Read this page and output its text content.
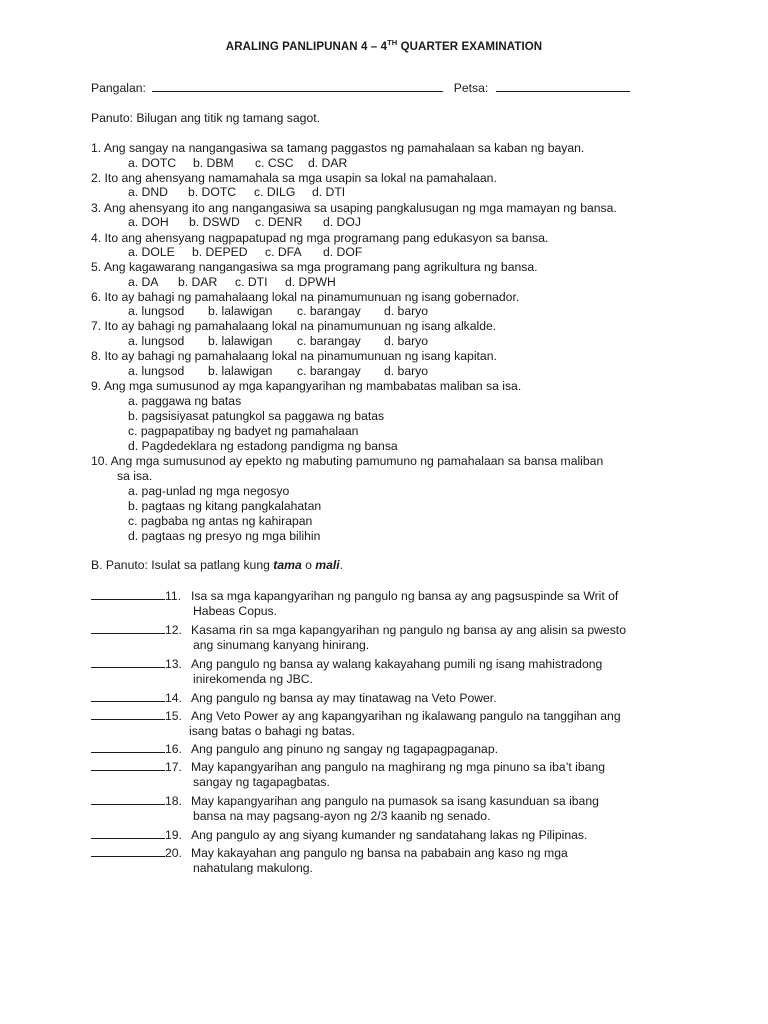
ARALING PANLIPUNAN 4 – 4TH QUARTER EXAMINATION
Pangalan:	Petsa:
Panuto: Bilugan ang titik ng tamang sagot.
1. Ang sangay na nangangasiwa sa tamang paggastos ng pamahalaan sa kaban ng bayan.
a. DOTC b. DBM c. CSC d. DAR
2. Ito ang ahensyang namamahala sa mga usapin sa lokal na pamahalaan.
a. DND b. DOTC c. DILG d. DTI
3. Ang ahensyang ito ang nangangasiwa sa usaping pangkalusugan ng mga mamayan ng bansa.
a. DOH b. DSWD c. DENR d. DOJ
4. Ito ang ahensyang nagpapatupad ng mga programang pang edukasyon sa bansa.
a. DOLE b. DEPED c. DFA d. DOF
5. Ang kagawarang nangangasiwa sa mga programang pang agrikultura ng bansa.
a. DA b. DAR c. DTI d. DPWH
6. Ito ay bahagi ng pamahalaang lokal na pinamumunuan ng isang gobernador.
a. lungsod b. lalawigan c. barangay d. baryo
7. Ito ay bahagi ng pamahalaang lokal na pinamumunuan ng isang alkalde.
a. lungsod b. lalawigan c. barangay d. baryo
8. Ito ay bahagi ng pamahalaang lokal na pinamumunuan ng isang kapitan.
a. lungsod b. lalawigan c. barangay d. baryo
9. Ang mga sumusunod ay mga kapangyarihan ng mambabatas maliban sa isa.
a. paggawa ng batas
b. pagsisiyasat patungkol sa paggawa ng batas
c. pagpapatibay ng badyet ng pamahalaan
d. Pagdedeklara ng estadong pandigma ng bansa
10. Ang mga sumusunod ay epekto ng mabuting pamumuno ng pamahalaan sa bansa maliban
sa isa.
a. pag-unlad ng mga negosyo
b. pagtaas ng kitang pangkalahatan
c. pagbaba ng antas ng kahirapan
d. pagtaas ng presyo ng mga bilihin
B. Panuto: Isulat sa patlang kung tama o mali.
11. Isa sa mga kapangyarihan ng pangulo ng bansa ay ang pagsuspinde sa Writ of
Habeas Copus.
12. Kasama rin sa mga kapangyarihan ng pangulo ng bansa ay ang alisin sa pwesto
ang sinumang kanyang hinirang.
13. Ang pangulo ng bansa ay walang kakayahang pumili ng isang mahistradong
inirekomenda ng JBC.
14. Ang pangulo ng bansa ay may tinatawag na Veto Power.
15. Ang Veto Power ay ang kapangyarihan ng ikalawang pangulo na tanggihan ang
isang batas o bahagi ng batas.
16. Ang pangulo ang pinuno ng sangay ng tagapagpaganap.
17. May kapangyarihan ang pangulo na maghirang ng mga pinuno sa iba’t ibang
sangay ng tagapagbatas.
18. May kapangyarihan ang pangulo na pumasok sa isang kasunduan sa ibang
bansa na may pagsang-ayon ng 2/3 kaanib ng senado.
19. Ang pangulo ay ang siyang kumander ng sandatahang lakas ng Pilipinas.
20. May kakayahan ang pangulo ng bansa na pababain ang kaso ng mga
nahatulang makulong.
